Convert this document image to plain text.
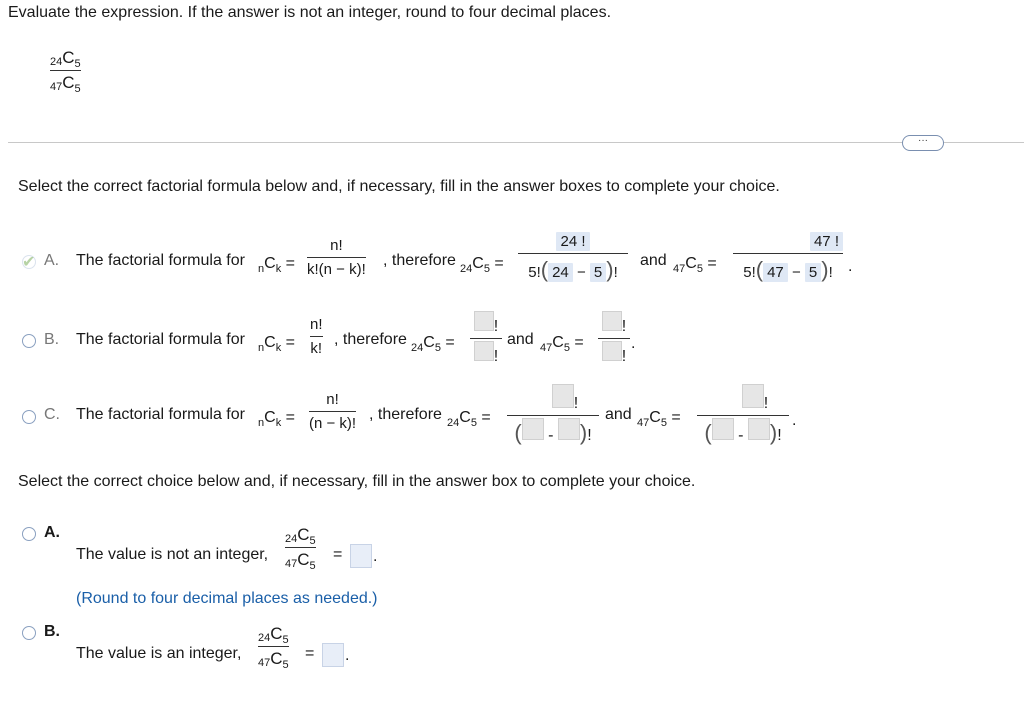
Evaluate the expression. If the answer is not an integer, round to four decimal places.
$\frac{24C_5}{47C_5}$
···
Select the correct factorial formula below and, if necessary, fill in the answer boxes to complete your choice.
A. The factorial formula for $_nC_k = \frac{n!}{k!(n - k)!}$ , therefore $_{24}C_5 = \frac{24 !}{5!( 24 - 5 )!}$ and $_{47}C_5 = \frac{47 !}{5!( 47 - 5 )!}$ .
B. The factorial formula for $_nC_k = \frac{n!}{k!}$ , therefore $_{24}C_5 = \frac{!}{!}$ and $_{47}C_5 = \frac{!}{!}$ .
C. The factorial formula for $_nC_k = \frac{n!}{(n - k)!}$ , therefore $_{24}C_5 = \frac{!}{( - )!}$ and $_{47}C_5 = \frac{!}{( - )!}$ .
Select the correct choice below and, if necessary, fill in the answer box to complete your choice.
A.
The value is not an integer, $\frac{24C_5}{47C_5}$ = .
(Round to four decimal places as needed.)
B.
The value is an integer, $\frac{24C_5}{47C_5}$ = .
